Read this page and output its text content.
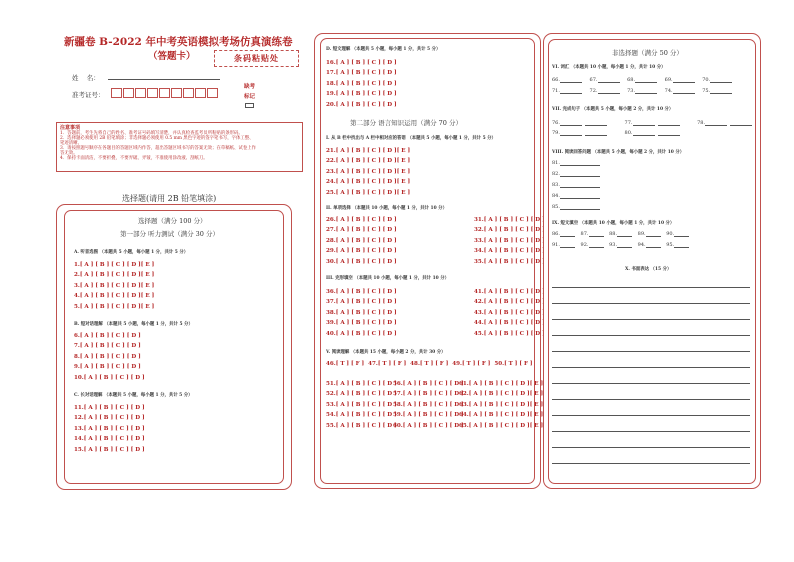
新疆卷 B-2022 年中考英语模拟考场仿真演练卷
（答题卡）	条码粘贴处
姓    名：
准考证号：
缺考
标记
注意事项
1．答题前，考生先将自己的姓名、准考证号码填写清楚，并认真检查监考员所粘贴的条形码。
2．选择题必须使用 2B 铅笔填涂；非选择题必须使用 0.5 mm 黑色字迹的签字笔书写，字体工整、
笔迹清晰。
3．请按照题号顺序在各题目的答题区域内作答，超出答题区域书写的答案无效；在草稿纸、试卷上作
答无效。
4．保持卡面清洁，不要折叠，不要弄破、弄皱，不准使用涂改液、刮纸刀。
选择题(请用 2B 铅笔填涂)
选择题（满分 100 分）
第一部分 听力测试（满分 30 分）
A. 听音选图 （本题共 5 小题，每小题 1 分，共计 5 分）
1.[ A ] [ B ] [ C ] [ D ][ E ]
2.[ A ] [ B ] [ C ] [ D ][ E ]
3.[ A ] [ B ] [ C ] [ D ][ E ]
4.[ A ] [ B ] [ C ] [ D ][ E ]
5.[ A ] [ B ] [ C ] [ D ][ E ]
B. 短对话理解 （本题共 5 小题，每小题 1 分，共计 5 分）
6.[ A ] [ B ] [ C ] [ D ]
7.[ A ] [ B ] [ C ] [ D ]
8.[ A ] [ B ] [ C ] [ D ]
9.[ A ] [ B ] [ C ] [ D ]
10.[ A ] [ B ] [ C ] [ D ]
C. 长对话理解 （本题共 5 小题，每小题 1 分，共计 5 分）
11.[ A ] [ B ] [ C ] [ D ]
12.[ A ] [ B ] [ C ] [ D ]
13.[ A ] [ B ] [ C ] [ D ]
14.[ A ] [ B ] [ C ] [ D ]
15.[ A ] [ B ] [ C ] [ D ]
D. 短文理解 （本题共 5 小题，每小题 1 分，共计 5 分）
16.[ A ] [ B ] [ C ] [ D ]
17.[ A ] [ B ] [ C ] [ D ]
18.[ A ] [ B ] [ C ] [ D ]
19.[ A ] [ B ] [ C ] [ D ]
20.[ A ] [ B ] [ C ] [ D ]
第二部分 语言知识运用（满分 70 分）
I. 从 B 栏中找出与 A 栏中相对应的答语 （本题共 5 小题，每小题 1 分，共计 5 分）
21.[ A ] [ B ] [ C ] [ D ][ E ]
22.[ A ] [ B ] [ C ] [ D ][ E ]
23.[ A ] [ B ] [ C ] [ D ][ E ]
24.[ A ] [ B ] [ C ] [ D ][ E ]
25.[ A ] [ B ] [ C ] [ D ][ E ]
II. 单项选择 （本题共 10 小题，每小题 1 分，共计 10 分）
26.[ A ] [ B ] [ C ] [ D ]
27.[ A ] [ B ] [ C ] [ D ]
28.[ A ] [ B ] [ C ] [ D ]
29.[ A ] [ B ] [ C ] [ D ]
30.[ A ] [ B ] [ C ] [ D ]
31.[ A ] [ B ] [ C ] [ D ]
32.[ A ] [ B ] [ C ] [ D ]
33.[ A ] [ B ] [ C ] [ D ]
34.[ A ] [ B ] [ C ] [ D ]
35.[ A ] [ B ] [ C ] [ D ]
III. 完形填空 （本题共 10 小题，每小题 1 分，共计 10 分）
36.[ A ] [ B ] [ C ] [ D ]
37.[ A ] [ B ] [ C ] [ D ]
38.[ A ] [ B ] [ C ] [ D ]
39.[ A ] [ B ] [ C ] [ D ]
40.[ A ] [ B ] [ C ] [ D ]
41.[ A ] [ B ] [ C ] [ D ]
42.[ A ] [ B ] [ C ] [ D ]
43.[ A ] [ B ] [ C ] [ D ]
44.[ A ] [ B ] [ C ] [ D ]
45.[ A ] [ B ] [ C ] [ D ]
V. 阅读理解 （本题共 15 小题，每小题 2 分，共计 30 分）
46.[ T ] [ F ]  47.[ T ] [ F ]  48.[ T ] [ F ]  49.[ T ] [ F ]  50.[ T ] [ F ]
51.[ A ] [ B ] [ C ] [ D ]
52.[ A ] [ B ] [ C ] [ D ]
53.[ A ] [ B ] [ C ] [ D ]
54.[ A ] [ B ] [ C ] [ D ]
55.[ A ] [ B ] [ C ] [ D ]
56.[ A ] [ B ] [ C ] [ D ]
57.[ A ] [ B ] [ C ] [ D ]
58.[ A ] [ B ] [ C ] [ D ]
59.[ A ] [ B ] [ C ] [ D ]
60.[ A ] [ B ] [ C ] [ D ]
61.[ A ] [ B ] [ C ] [ D ][ E ]
62.[ A ] [ B ] [ C ] [ D ][ E ]
63.[ A ] [ B ] [ C ] [ D ][ E ]
64.[ A ] [ B ] [ C ] [ D ][ E ]
65.[ A ] [ B ] [ C ] [ D ][ E ]
非选择题（满分 50 分）
VI. 词汇 （本题共 10 小题，每小题 1 分，共计 10 分）
66.	67.	68.	69.	70.
71.	72.	73.	74.	75.
VII. 完成句子 （本题共 5 小题，每小题 2 分，共计 10 分）
76.	77.	78.
79.	80.
VIII. 阅读回答问题 （本题共 5 小题，每小题 2 分，共计 10 分）
81.
82.
83.
84.
85.
IX. 短文填空 （本题共 10 小题，每小题 1 分，共计 10 分）
86.	87.	88.	89.	90.
91.	92.	93.	94.	95.
X. 书面表达 （15 分）
